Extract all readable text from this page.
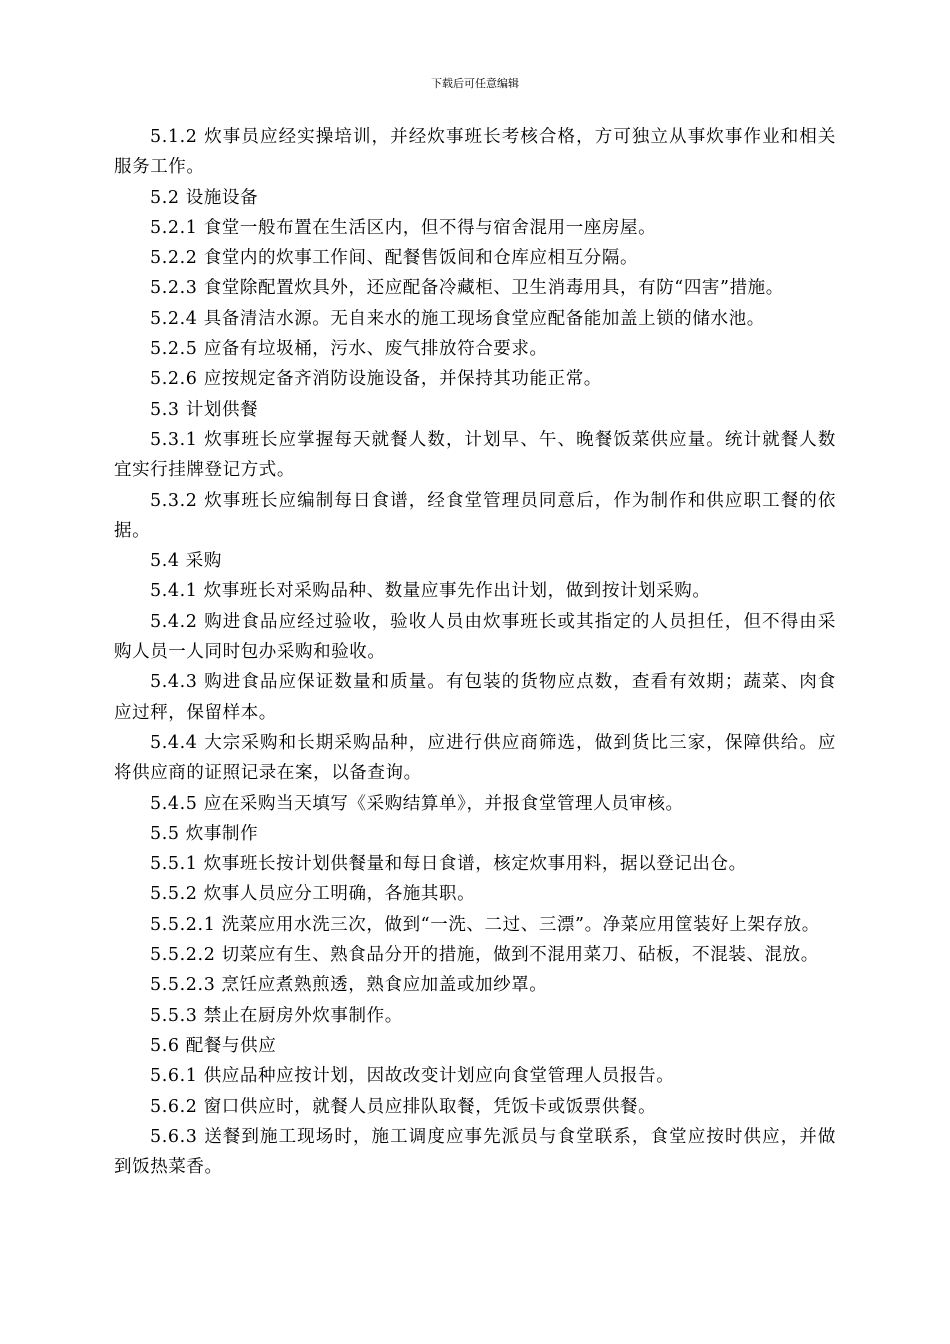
下载后可任意编辑

5.1.2 炊事员应经实操培训，并经炊事班长考核合格，方可独立从事炊事作业和相关服务工作。

5.2 设施设备

5.2.1 食堂一般布置在生活区内，但不得与宿舍混用一座房屋。

5.2.2 食堂内的炊事工作间、配餐售饭间和仓库应相互分隔。

5.2.3 食堂除配置炊具外，还应配备冷藏柜、卫生消毒用具，有防“四害”措施。

5.2.4 具备清洁水源。无自来水的施工现场食堂应配备能加盖上锁的储水池。

5.2.5 应备有垃圾桶，污水、废气排放符合要求。

5.2.6 应按规定备齐消防设施设备，并保持其功能正常。

5.3 计划供餐

5.3.1 炊事班长应掌握每天就餐人数，计划早、午、晚餐饭菜供应量。统计就餐人数宜实行挂牌登记方式。

5.3.2 炊事班长应编制每日食谱，经食堂管理员同意后，作为制作和供应职工餐的依据。

5.4 采购

5.4.1 炊事班长对采购品种、数量应事先作出计划，做到按计划采购。

5.4.2 购进食品应经过验收，验收人员由炊事班长或其指定的人员担任，但不得由采购人员一人同时包办采购和验收。

5.4.3 购进食品应保证数量和质量。有包装的货物应点数，查看有效期；蔬菜、肉食应过秤，保留样本。

5.4.4 大宗采购和长期采购品种，应进行供应商筛选，做到货比三家，保障供给。应将供应商的证照记录在案，以备查询。

5.4.5 应在采购当天填写《采购结算单》，并报食堂管理人员审核。

5.5 炊事制作

5.5.1 炊事班长按计划供餐量和每日食谱，核定炊事用料，据以登记出仓。

5.5.2 炊事人员应分工明确，各施其职。

5.5.2.1 洗菜应用水洗三次，做到“一洗、二过、三漂”。净菜应用筐装好上架存放。

5.5.2.2 切菜应有生、熟食品分开的措施，做到不混用菜刀、砧板，不混装、混放。

5.5.2.3 烹饪应煮熟煎透，熟食应加盖或加纱罩。

5.5.3 禁止在厨房外炊事制作。

5.6 配餐与供应

5.6.1 供应品种应按计划，因故改变计划应向食堂管理人员报告。

5.6.2 窗口供应时，就餐人员应排队取餐，凭饭卡或饭票供餐。

5.6.3 送餐到施工现场时，施工调度应事先派员与食堂联系，食堂应按时供应，并做到饭热菜香。
